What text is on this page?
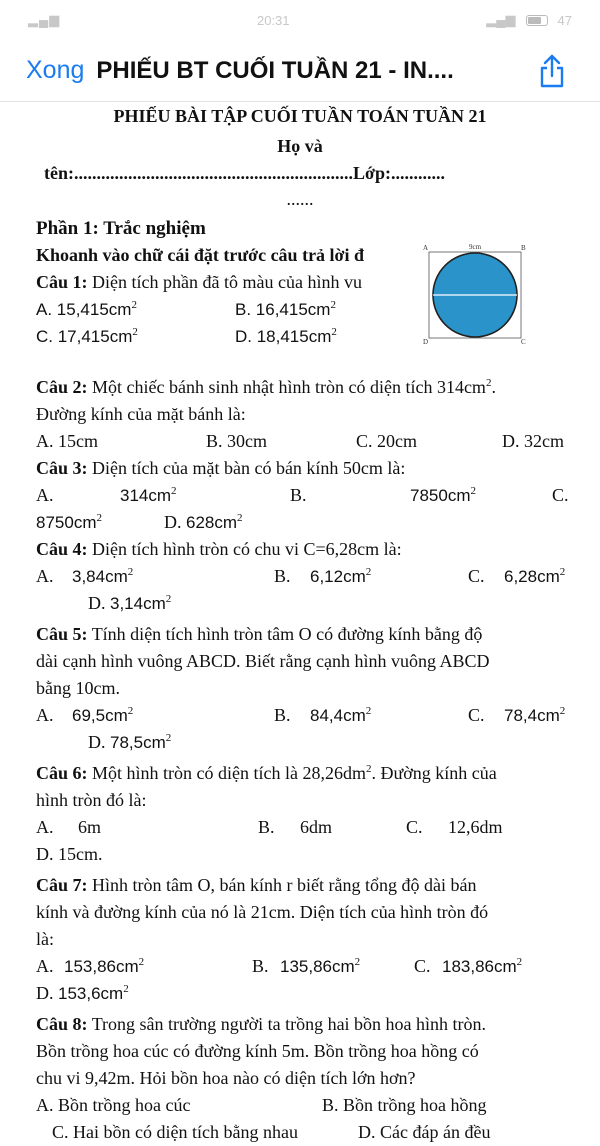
▂▄▆	20:31	▂▄▆	47
Xong PHIẾU BT CUỐI TUẦN 21 - IN....
PHIẾU BÀI TẬP CUỐI TUẦN TOÁN TUẦN 21
Họ và
tên:..............................................................Lớp:............
......
Phần 1: Trắc nghiệm
Khoanh vào chữ cái đặt trước câu trả lời đ
Câu 1: Diện tích phần đã tô màu của hình vu
A. $15,415cm^2$	B. $16,415cm^2$
C. $17,415cm^2$	D. $18,415cm^2$
A	B
D	C
9cm
Câu 2: Một chiếc bánh sinh nhật hình tròn có diện tích $314cm^2$.
Đường kính của mặt bánh là:
A. 15cm	B. 30cm	C. 20cm	D. 32cm
Câu 3: Diện tích của mặt bàn có bán kính 50cm là:
A.	$314cm^2$	B.	$7850cm^2$	C.
$8750cm^2$	D. $628cm^2$
Câu 4: Diện tích hình tròn có chu vi C=6,28cm là:
A.	$3,84cm^2$	B.	$6,12cm^2$	C.	$6,28cm^2$
D. $3,14cm^2$
Câu 5: Tính diện tích hình tròn tâm O có đường kính bằng độ
dài cạnh hình vuông ABCD. Biết rằng cạnh hình vuông ABCD
bằng 10cm.
A.	$69,5cm^2$	B.	$84,4cm^2$	C.	$78,4cm^2$
D. $78,5cm^2$
Câu 6: Một hình tròn có diện tích là $28,26dm^2$. Đường kính của
hình tròn đó là:
A.	6m	B.	6dm	C.	12,6dm
D. 15cm.
Câu 7: Hình tròn tâm O, bán kính r biết rằng tổng độ dài bán
kính và đường kính của nó là 21cm. Diện tích của hình tròn đó
là:
A. $153,86cm^2$	B. $135,86cm^2$	C. $183,86cm^2$
D. $153,6cm^2$
Câu 8: Trong sân trường người ta trồng hai bồn hoa hình tròn.
Bồn trồng hoa cúc có đường kính 5m. Bồn trồng hoa hồng có
chu vi 9,42m. Hỏi bồn hoa nào có diện tích lớn hơn?
A. Bồn trồng hoa cúc	B. Bồn trồng hoa hồng
C. Hai bồn có diện tích bằng nhau	D. Các đáp án đều
